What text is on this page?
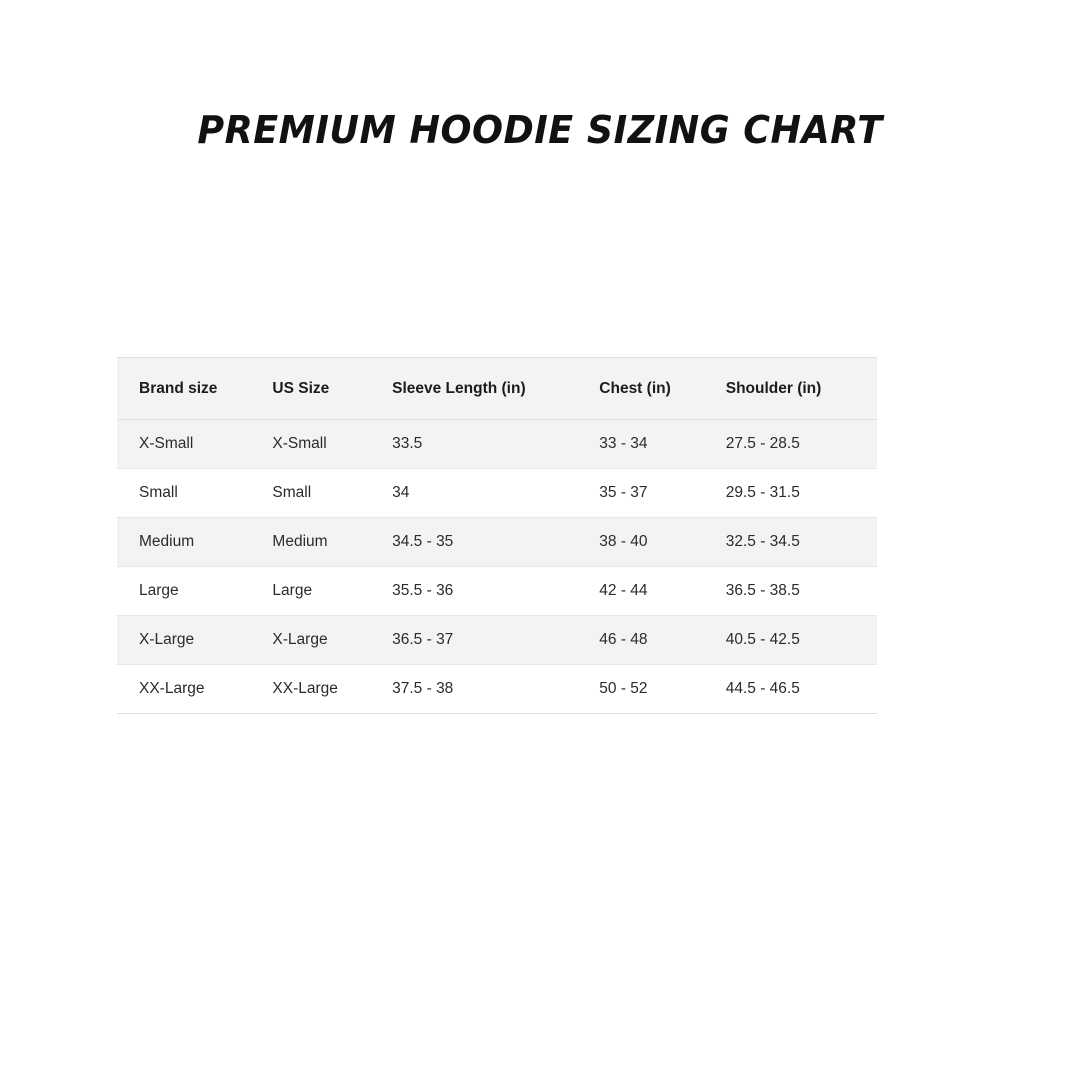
PREMIUM HOODIE SIZING CHART
Brand size	US Size	Sleeve Length (in)	Chest (in)	Shoulder (in)
X-Small	X-Small	33.5	33 - 34	27.5 - 28.5
Small	Small	34	35 - 37	29.5 - 31.5
Medium	Medium	34.5 - 35	38 - 40	32.5 - 34.5
Large	Large	35.5 - 36	42 - 44	36.5 - 38.5
X-Large	X-Large	36.5 - 37	46 - 48	40.5 - 42.5
XX-Large	XX-Large	37.5 - 38	50 - 52	44.5 - 46.5
